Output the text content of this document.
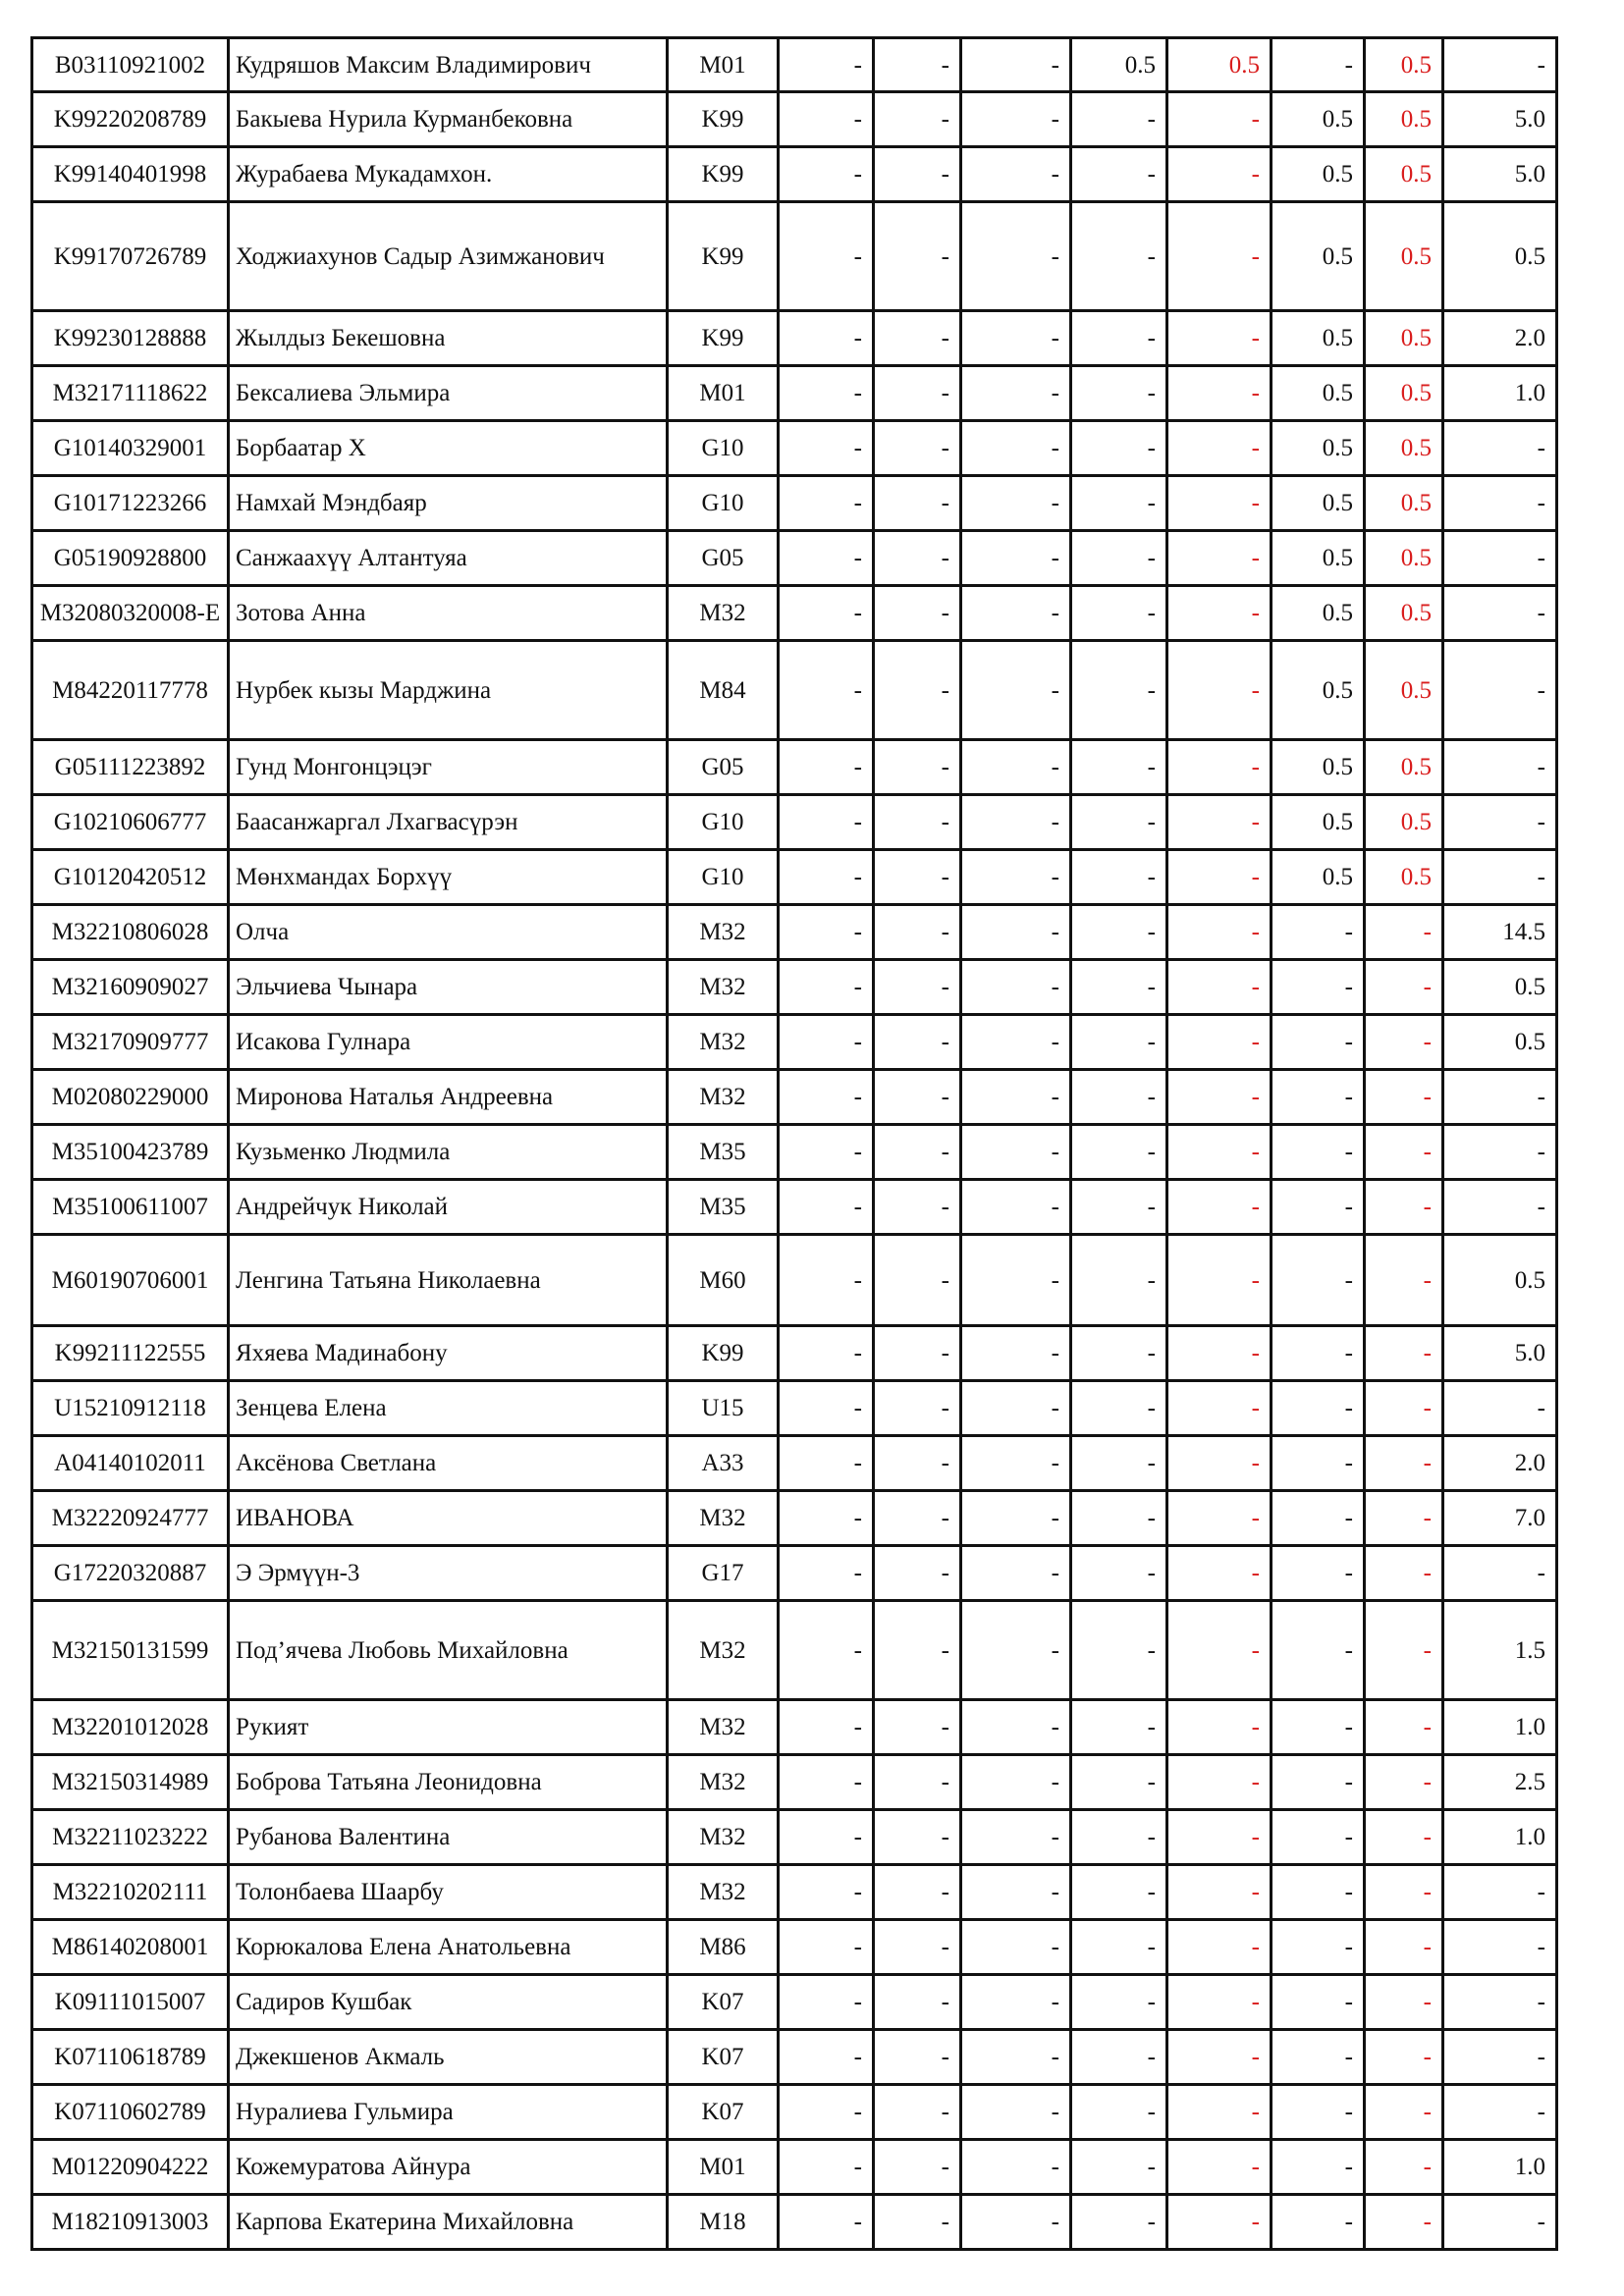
B03110921002	Кудряшов Максим Владимирович	M01	-	-	-	0.5	0.5	-	0.5	-
K99220208789	Бакыева Нурила Курманбековна	K99	-	-	-	-	-	0.5	0.5	5.0
K99140401998	Журабаева Мукадамхон.	K99	-	-	-	-	-	0.5	0.5	5.0
K99170726789	Ходжиахунов Садыр Азимжанович	K99	-	-	-	-	-	0.5	0.5	0.5
K99230128888	Жылдыз Бекешовна	K99	-	-	-	-	-	0.5	0.5	2.0
M32171118622	Бексалиева Эльмира	M01	-	-	-	-	-	0.5	0.5	1.0
G10140329001	Борбаатар Х	G10	-	-	-	-	-	0.5	0.5	-
G10171223266	Намхай Мэндбаяр	G10	-	-	-	-	-	0.5	0.5	-
G05190928800	Санжаахүү Алтантуяа	G05	-	-	-	-	-	0.5	0.5	-
M32080320008-E	Зотова Анна	M32	-	-	-	-	-	0.5	0.5	-
M84220117778	Нурбек кызы Марджина	M84	-	-	-	-	-	0.5	0.5	-
G05111223892	Гунд Монгонцэцэг	G05	-	-	-	-	-	0.5	0.5	-
G10210606777	Баасанжаргал Лхагвасүрэн	G10	-	-	-	-	-	0.5	0.5	-
G10120420512	Мөнхмандах Борхүү	G10	-	-	-	-	-	0.5	0.5	-
M32210806028	Олча	M32	-	-	-	-	-	-	-	14.5
M32160909027	Эльчиева Чынара	M32	-	-	-	-	-	-	-	0.5
M32170909777	Исакова Гулнара	M32	-	-	-	-	-	-	-	0.5
M02080229000	Миронова Наталья Андреевна	M32	-	-	-	-	-	-	-	-
M35100423789	Кузьменко Людмила	M35	-	-	-	-	-	-	-	-
M35100611007	Андрейчук Николай	M35	-	-	-	-	-	-	-	-
M60190706001	Ленгина Татьяна Николаевна	M60	-	-	-	-	-	-	-	0.5
K99211122555	Яхяева Мадинабону	K99	-	-	-	-	-	-	-	5.0
U15210912118	Зенцева Елена	U15	-	-	-	-	-	-	-	-
A04140102011	Аксёнова Светлана	A33	-	-	-	-	-	-	-	2.0
M32220924777	ИВАНОВА	M32	-	-	-	-	-	-	-	7.0
G17220320887	Э Эрмүүн-3	G17	-	-	-	-	-	-	-	-
M32150131599	Под’ячева Любовь Михайловна	M32	-	-	-	-	-	-	-	1.5
M32201012028	Рукият	M32	-	-	-	-	-	-	-	1.0
M32150314989	Боброва Татьяна Леонидовна	M32	-	-	-	-	-	-	-	2.5
M32211023222	Рубанова Валентина	M32	-	-	-	-	-	-	-	1.0
M32210202111	Толонбаева Шаарбу	M32	-	-	-	-	-	-	-	-
M86140208001	Корюкалова Елена Анатольевна	M86	-	-	-	-	-	-	-	-
K09111015007	Садиров Кушбак	K07	-	-	-	-	-	-	-	-
K07110618789	Джекшенов Акмаль	K07	-	-	-	-	-	-	-	-
K07110602789	Нуралиева Гульмира	K07	-	-	-	-	-	-	-	-
M01220904222	Кожемуратова Айнура	M01	-	-	-	-	-	-	-	1.0
M18210913003	Карпова Екатерина Михайловна	M18	-	-	-	-	-	-	-	-
